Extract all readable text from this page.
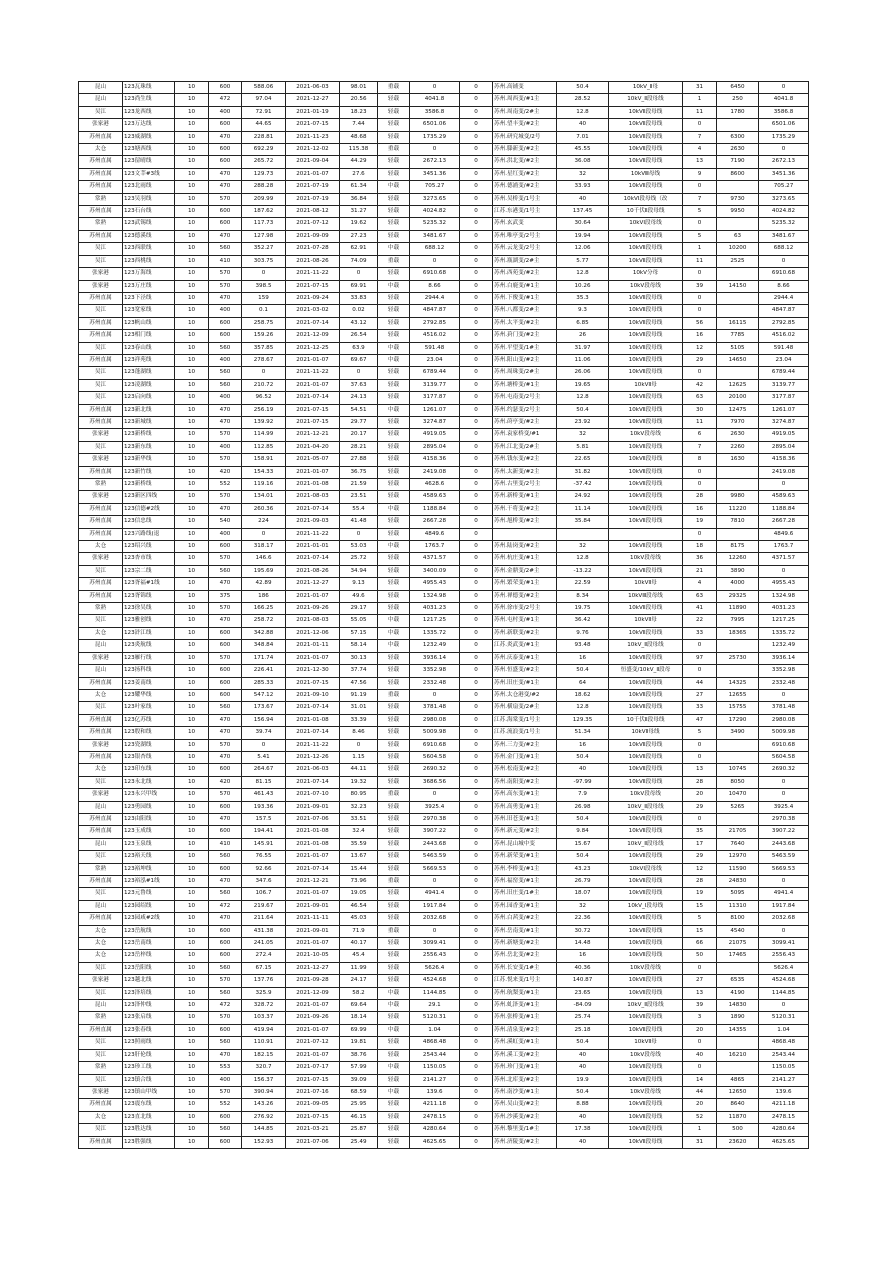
昆山	123瓦珠线	10	600	588.06	2021-06-03	98.01	重载	0	0	苏州.高铺变	50.4	10kV_Ⅱ母	31	6450	0
昆山	123尚生线	10	472	97.04	2021-12-27	20.56	轻载	4041.8	0	苏州.周西变/#1主	28.52	10kV_Ⅱ段母线	1	250	4041.8
吴江	123龙西线	10	400	72.91	2021-01-19	18.23	轻载	3586.8	0	苏州.周南变/2#主	12.8	10kVⅡ段母线	11	1780	3586.8
张家港	123万达线	10	600	44.65	2021-07-15	7.44	轻载	6501.06	0	苏州.望丰变/#2主	40	10kVⅡ段母线	0		6501.06
苏州直属	123威湖线	10	470	228.81	2021-11-23	48.68	轻载	1735.29	0	苏州.研究城变/2号	7.01	10kVⅡ段母线	7	6300	1735.29
太仓	123塘西线	10	600	692.29	2021-12-02	115.38	重载	0	0	苏州.滕新变/#2主	45.55	10kVⅡ段母线	4	2630	0
苏州直属	123留晴线	10	600	265.72	2021-09-04	44.29	轻载	2672.13	0	苏州.洪北变/#2主	36.08	10kVⅡ段母线	13	7190	2672.13
苏州直属	123文莘#3线	10	470	129.73	2021-01-07	27.6	轻载	3451.36	0	苏州.星红变/#2主	32	10kVⅢ母线	9	8600	3451.36
苏州直属	123北雨线	10	470	288.28	2021-07-19	61.34	中载	705.27	0	苏州.德浦变/#2主	33.93	10kVⅡ段母线	0		705.27
常熟	123吴羽线	10	570	209.99	2021-07-19	36.84	轻载	3273.65	0	苏州.吴桥变/1号主	40	10kVⅠ段母线（改	7	9730	3273.65
苏州直属	123石台线	10	600	187.62	2021-08-12	31.27	轻载	4024.82	0	江苏.东港变/1号主	137.45	10千伏Ⅱ段母线	5	9950	4024.82
常熟	123武锡线	10	600	117.73	2021-07-12	19.62	轻载	5235.32	0	苏州.玄武变	30.64	10kVⅠ段母线	0		5235.32
苏州直属	123德溪线	10	470	127.98	2021-09-09	27.23	轻载	3481.67	0	苏州.唯亭变/2号主	19.94	10kVⅡ段母线	5	63	3481.67
吴江	123西联线	10	560	352.27	2021-07-28	62.91	中载	688.12	0	苏州.云龙变/2号主	12.06	10kVⅡ段母线	1	10200	688.12
吴江	123西桃线	10	410	303.75	2021-08-26	74.09	重载	0	0	苏州.瓶湖变/2#主	5.77	10kVⅡ段母线	11	2525	0
张家港	123万海线	10	570	0	2021-11-22	0	轻载	6910.68	0	苏州.西苑变/#2主	12.8	10kV分母	0		6910.68
张家港	123万庄线	10	570	398.5	2021-07-15	69.91	中载	8.66	0	苏州.白鹿变/#1主	10.26	10kV段母线	39	14150	8.66
苏州直属	123下泾线	10	470	159	2021-09-24	33.83	轻载	2944.4	0	苏州.下俊变/#1主	35.3	10kVⅡ段母线	0		2944.4
吴江	123宽家线	10	400	0.1	2021-03-02	0.02	轻载	4847.87	0	苏州.八都变/2#主	9.3	10kVⅡ段母线	0		4847.87
苏州直属	123帆山线	10	600	258.75	2021-07-14	43.12	轻载	2792.85	0	苏州.太平变/#2主	6.85	10kVⅡ段母线	56	16115	2792.85
苏州直属	123相门线	10	600	159.26	2021-12-09	26.54	轻载	4516.02	0	苏州.葑门变/#2主	26	10kVⅡ段母线	16	7785	4516.02
吴江	123春山线	10	560	357.85	2021-12-25	63.9	中载	591.48	0	苏州.平望变/1#主	31.97	10kVⅡ段母线	12	5105	591.48
苏州直属	123祥苑线	10	400	278.67	2021-01-07	69.67	中载	23.04	0	苏州.阳山变/#2主	11.06	10kVⅡ段母线	29	14650	23.04
吴江	123蓬湖线	10	560	0	2021-11-22	0	轻载	6789.44	0	苏州.周珠变/2#主	26.06	10kVⅡ段母线	0		6789.44
吴江	123凌湖线	10	560	210.72	2021-01-07	37.63	轻载	3139.77	0	苏州.塘桥变/#1主	19.65	10kVⅡ母	42	12625	3139.77
吴江	123启向线	10	400	96.52	2021-07-14	24.13	轻载	3177.87	0	苏州.屯南变/2号主	12.8	10kVⅡ段母线	63	20100	3177.87
苏州直属	123新北线	10	470	256.19	2021-07-15	54.51	中载	1261.07	0	苏州.约瑟变/2号主	50.4	10kVⅡ段母线	30	12475	1261.07
苏州直属	123新城线	10	470	139.92	2021-07-15	29.77	轻载	3274.87	0	苏州.莳亭变/#2主	23.92	10kVⅡ段母线	11	7970	3274.87
张家港	123新桥线	10	570	114.99	2021-12-21	20.17	轻载	4919.05	0	苏州.袁家桥变/#1	32	10kV段母线	6	2630	4919.05
吴江	123新东线	10	400	112.85	2021-04-20	28.21	轻载	2895.04	0	苏州.江北变/2#主	5.81	10kVⅡ段母线	7	2260	2895.04
张家港	123新华线	10	570	158.91	2021-05-07	27.88	轻载	4158.36	0	苏州.钱东变/#2主	22.65	10kVⅡ段母线	8	1630	4158.36
苏州直属	123新竹线	10	420	154.33	2021-01-07	36.75	轻载	2419.08	0	苏州.太新变/#2主	31.82	10kVⅡ段母线	0		2419.08
常熟	123新桥线	10	552	119.16	2021-01-08	21.59	轻载	4628.6	0	苏州.古里变/2号主	-37.42	10kVⅡ段母线	0		0
张家港	123新区四线	10	570	134.01	2021-08-03	23.51	轻载	4589.63	0	苏州.新桥变/#1主	24.92	10kVⅡ段母线	28	9980	4589.63
苏州直属	123信德#2线	10	470	260.36	2021-07-14	55.4	中载	1188.84	0	苏州.干将变/#2主	11.14	10kVⅡ段母线	16	11220	1188.84
苏州直属	123信忠线	10	540	224	2021-09-03	41.48	轻载	2667.28	0	苏州.旭桥变/#2主	35.84	10kVⅡ段母线	19	7810	2667.28
苏州直属	123兴路线(退	10	400	0	2021-11-22	0	轻载	4849.6	0				0		4849.6
太仓	123绍兴线	10	600	318.17	2021-01-01	53.03	中载	1763.7	0	苏州.陆岗变/#2主	32	10kVⅡ段母线	18	8175	1763.7
张家港	123杏市线	10	570	146.6	2021-07-14	25.72	轻载	4371.57	0	苏州.杭庄变/#1主	12.8	10kV段母线	36	12260	4371.57
吴江	123宗二线	10	560	195.69	2021-08-26	34.94	轻载	3400.09	0	苏州.金鼎变/2#主	-13.22	10kVⅡ段母线	21	3890	0
苏州直属	123胥福#1线	10	470	42.89	2021-12-27	9.13	轻载	4955.43	0	苏州.繁荣变/#1主	22.59	10kVⅡ母	4	4000	4955.43
苏州直属	123胥锦线	10	375	186	2021-01-07	49.6	轻载	1324.98	0	苏州.禅德变/#2主	8.34	10kVⅢ段母线	63	29325	1324.98
常熟	123徐吴线	10	570	166.25	2021-09-26	29.17	轻载	4031.23	0	苏州.徐市变/2号主	19.75	10kVⅡ段母线	41	11890	4031.23
吴江	123雅创线	10	470	258.72	2021-08-03	55.05	中载	1217.25	0	苏州.屯村变/#1主	36.42	10kVⅡ母	22	7995	1217.25
太仓	123浒江线	10	600	342.88	2021-12-06	57.15	中载	1335.72	0	苏州.新联变/#2主	9.76	10kVⅡ段母线	33	18365	1335.72
昆山	123炎航线	10	600	348.84	2021-01-11	58.14	中载	1232.49	0	江苏.炎武变/#1主	93.48	10kV_Ⅱ段母线	0		1232.49
张家港	123雁行线	10	570	171.74	2021-01-07	30.13	轻载	3936.14	0	苏州.庆泰变/#1主	16	10kVⅡ段母线	97	25730	3936.14
昆山	123扬科线	10	600	226.41	2021-12-30	37.74	轻载	3352.98	0	苏州.恒盛变/#2主	50.4	恒盛变/10kV_Ⅱ段母	0		3352.98
苏州直属	123姜南线	10	600	285.33	2021-07-15	47.56	轻载	2332.48	0	苏州.旧庄变/#1主	64	10kVⅡ段母线	44	14325	2332.48
太仓	123耀华线	10	600	547.12	2021-09-10	91.19	重载	0	0	苏州.太仓港变/#2	18.62	10kVⅡ段母线	27	12655	0
吴江	123叶家线	10	560	173.67	2021-07-14	31.01	轻载	3781.48	0	苏州.横扇变/2#主	12.8	10kVⅡ段母线	33	15755	3781.48
苏州直属	123亿苏线	10	470	156.94	2021-01-08	33.39	轻载	2980.08	0	江苏.海棠变/1号主	129.35	10千伏Ⅱ段母线	47	17290	2980.08
苏州直属	123殷和线	10	470	39.74	2021-07-14	8.46	轻载	5009.98	0	江苏.流浪变/1号主	51.34	10kVⅡ母线	5	3490	5009.98
张家港	123瓷湖线	10	570	0	2021-11-22	0	轻载	6910.68	0	苏州.三力变/#2主	16	10kVⅡ段母线	0		6910.68
苏州直属	123银杏线	10	470	5.41	2021-12-26	1.15	轻载	5604.58	0	苏州.金门变/#1主	50.4	10kVⅡ段母线	0		5604.58
太仓	123印东线	10	600	264.67	2021-06-03	44.11	轻载	2690.32	0	苏州.松南变/#2主	40	10kVⅡ段母线	13	10745	2690.32
吴江	123永北线	10	420	81.15	2021-07-14	19.32	轻载	3686.56	0	苏州.南阳变/#2主	-97.99	10kVⅡ段母线	28	8050	0
张家港	123永兴甲线	10	570	461.43	2021-07-10	80.95	重载	0	0	苏州.高东变/#1主	7.9	10kV段母线	20	10470	0
昆山	123勇园线	10	600	193.36	2021-09-01	32.23	轻载	3925.4	0	苏州.高勇变/#1主	26.98	10kV_Ⅱ段母线	29	5265	3925.4
苏州直属	123由阳线	10	470	157.5	2021-07-06	33.51	轻载	2970.38	0	苏州.旧苍变/#1主	50.4	10kVⅡ段母线	0		2970.38
苏州直属	123玉成线	10	600	194.41	2021-01-08	32.4	轻载	3907.22	0	苏州.新元变/#2主	9.84	10kVⅡ段母线	35	21705	3907.22
昆山	123玉泉线	10	410	145.91	2021-01-08	35.59	轻载	2443.68	0	苏州.昆山城中变	15.67	10kV_Ⅱ段母线	17	7640	2443.68
吴江	123裕天线	10	560	76.55	2021-01-07	13.67	轻载	5463.59	0	苏州.新荣变/#1主	50.4	10kVⅡ段母线	29	12970	5463.59
常熟	123裕坤线	10	600	92.66	2021-07-14	15.44	轻载	5669.53	0	苏州.李桥变/#1主	43.23	10kVⅠ段母线	12	11590	5669.53
苏州直属	123裕泓#1线	10	470	347.6	2021-12-21	73.96	重载	0	0	苏州.福窑变/#1主	26.79	10kVⅡ段母线	28	24830	0
吴江	123元鲁线	10	560	106.7	2021-01-07	19.05	轻载	4941.4	0	苏州.旧庄变/1#主	18.07	10kVⅡ段母线	19	5095	4941.4
昆山	123园绍线	10	472	219.67	2021-09-01	46.54	轻载	1917.84	0	苏州.园香变/#1主	32	10kV_Ⅰ段母线	15	11310	1917.84
苏州直属	123园咸#2线	10	470	211.64	2021-11-11	45.03	轻载	2032.68	0	苏州.白茜变/#2主	22.36	10kVⅡ段母线	5	8100	2032.68
太仓	123岳航线	10	600	431.38	2021-09-01	71.9	重载	0	0	苏州.岳南变/#1主	30.72	10kVⅡ段母线	15	4540	0
太仓	123岳南线	10	600	241.05	2021-01-07	40.17	轻载	3099.41	0	苏州.新塘变/#2主	14.48	10kVⅡ段母线	66	21075	3099.41
太仓	123岳梓线	10	600	272.4	2021-10-05	45.4	轻载	2556.43	0	苏州.岳北变/#2主	16	10kVⅡ段母线	50	17465	2556.43
吴江	123岳阳线	10	560	67.15	2021-12-27	11.99	轻载	5626.4	0	苏州.长安变/1#主	40.36	10kV段母线	0		5626.4
张家港	123越北线	10	570	137.76	2021-09-28	24.17	轻载	4524.68	0	江苏.悦来变/1号主	140.87	10kVⅡ段母线	27	6535	4524.68
吴江	123泽培线	10	560	325.9	2021-12-09	58.2	中载	1144.85	0	苏州.航梨变/#1主	23.65	10kVⅡ段母线	13	4190	1144.85
昆山	123泽仲线	10	472	328.72	2021-01-07	69.64	中载	29.1	0	苏州.虬泽变/#1主	-84.09	10kV_Ⅱ段母线	39	14830	0
常熟	123张启线	10	570	103.37	2021-09-26	18.14	轻载	5120.31	0	苏州.张桥变/#1主	25.74	10kVⅡ段母线	3	1890	5120.31
苏州直属	123张春线	10	600	419.94	2021-01-07	69.99	中载	1.04	0	苏州.清泉变/#2主	25.18	10kVⅡ段母线	20	14355	1.04
吴江	123照雨线	10	560	110.91	2021-07-12	19.81	轻载	4868.48	0	苏州.溪虹变/#1主	50.4	10kVⅡ母	0		4868.48
吴江	123肝伦线	10	470	182.15	2021-01-07	38.76	轻载	2543.44	0	苏州.溪工变/#2主	40	10kV段母线	40	16210	2543.44
常熟	123珍工线	10	553	320.7	2021-07-17	57.99	中载	1150.05	0	苏州.珍门变/#1主	40	10kVⅡ段母线	0		1150.05
吴江	123镇合线	10	400	156.37	2021-07-15	39.09	轻载	2141.27	0	苏州.北库变/#2主	19.9	10kVⅡ段母线	14	4865	2141.27
张家港	123镇山甲线	10	570	390.94	2021-07-16	68.59	中载	139.6	0	苏州.南沙变/#1主	50.4	10kV段母线	44	12650	139.6
苏州直属	123震东线	10	552	143.26	2021-09-05	25.95	轻载	4211.18	0	苏州.吴山变/#2主	8.88	10kVⅡ段母线	20	8640	4211.18
太仓	123直北线	10	600	276.92	2021-07-15	46.15	轻载	2478.15	0	苏州.沙溪变/#2主	40	10kVⅡ段母线	52	11870	2478.15
吴江	123胜达线	10	560	144.85	2021-03-21	25.87	轻载	4280.64	0	苏州.黎里变/1#主	17.38	10kVⅡ段母线	1	500	4280.64
苏州直属	123胜强线	10	600	152.93	2021-07-06	25.49	轻载	4625.65	0	苏州.济陵变/#2主	40	10kVⅡ段母线	31	23620	4625.65
